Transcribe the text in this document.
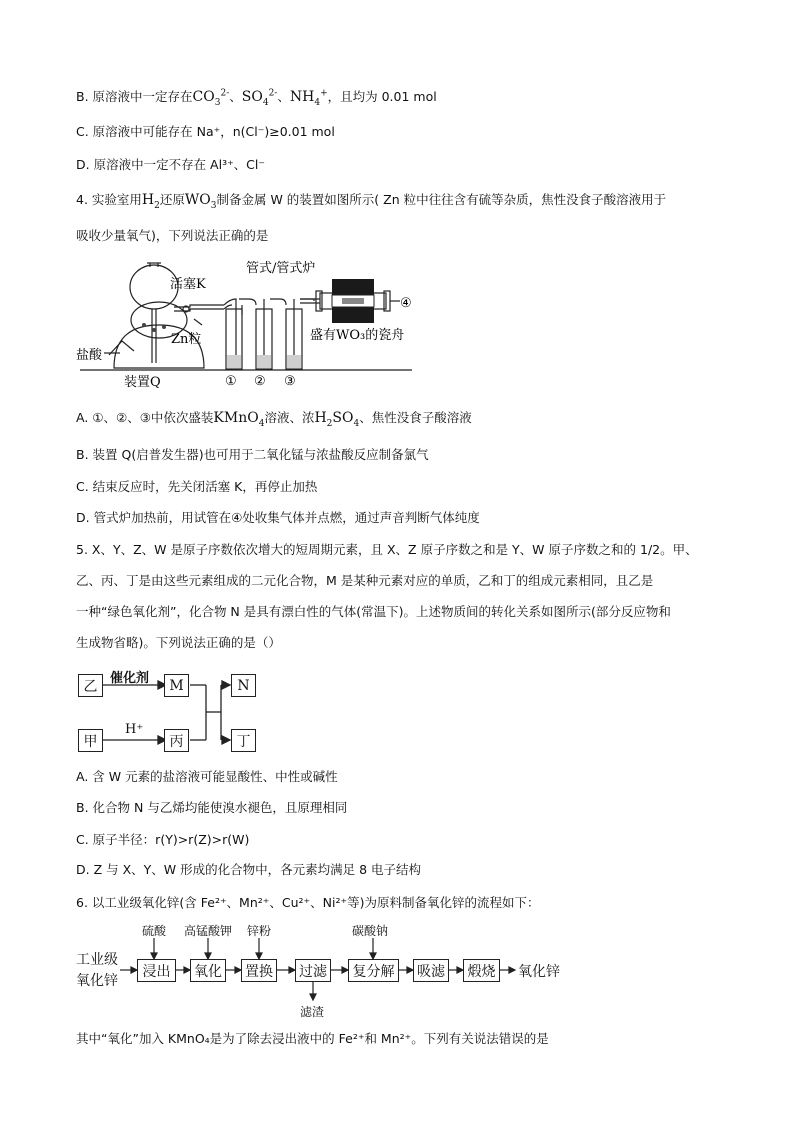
B. 原溶液中一定存在$CO_3^{2-}$、$SO_4^{2-}$、$NH_4^+$，且均为 0.01 mol
C. 原溶液中可能存在 Na⁺，n(Cl⁻)≥0.01 mol
D. 原溶液中一定不存在 Al³⁺、Cl⁻
4. 实验室用$H_2$还原$WO_3$制备金属 W 的装置如图所示( Zn 粒中往往含有硫等杂质，焦性没食子酸溶液用于
吸收少量氧气)，下列说法正确的是
管式/管式炉
活塞K
Zn粒
盐酸
装置Q
盛有WO₃的瓷舟
① ② ③
④
A. ①、②、③中依次盛装KMnO$_4$溶液、浓$H_2SO_4$、焦性没食子酸溶液
B. 装置 Q(启普发生器)也可用于二氧化锰与浓盐酸反应制备氯气
C. 结束反应时，先关闭活塞 K，再停止加热
D. 管式炉加热前，用试管在④处收集气体并点燃，通过声音判断气体纯度
5. X、Y、Z、W 是原子序数依次增大的短周期元素，且 X、Z 原子序数之和是 Y、W 原子序数之和的 1/2。甲、
乙、丙、丁是由这些元素组成的二元化合物，M 是某种元素对应的单质，乙和丁的组成元素相同，且乙是
一种“绿色氧化剂”，化合物 N 是具有漂白性的气体(常温下)。上述物质间的转化关系如图所示(部分反应物和
生成物省略)。下列说法正确的是（）
乙 催化剂	M	N
甲
H⁺
丙	丁
A. 含 W 元素的盐溶液可能显酸性、中性或碱性
B. 化合物 N 与乙烯均能使溴水褪色，且原理相同
C. 原子半径：r(Y)>r(Z)>r(W)
D. Z 与 X、Y、W 形成的化合物中，各元素均满足 8 电子结构
6. 以工业级氧化锌(含 Fe²⁺、Mn²⁺、Cu²⁺、Ni²⁺等)为原料制备氧化锌的流程如下：
工业级
氧化锌
硫酸 高锰酸钾 锌粉	碳酸钠
浸出	氧化 置换 过滤	复分解	吸滤	煅烧	氧化锌
滤渣
其中“氧化”加入 KMnO₄是为了除去浸出液中的 Fe²⁺和 Mn²⁺。下列有关说法错误的是
